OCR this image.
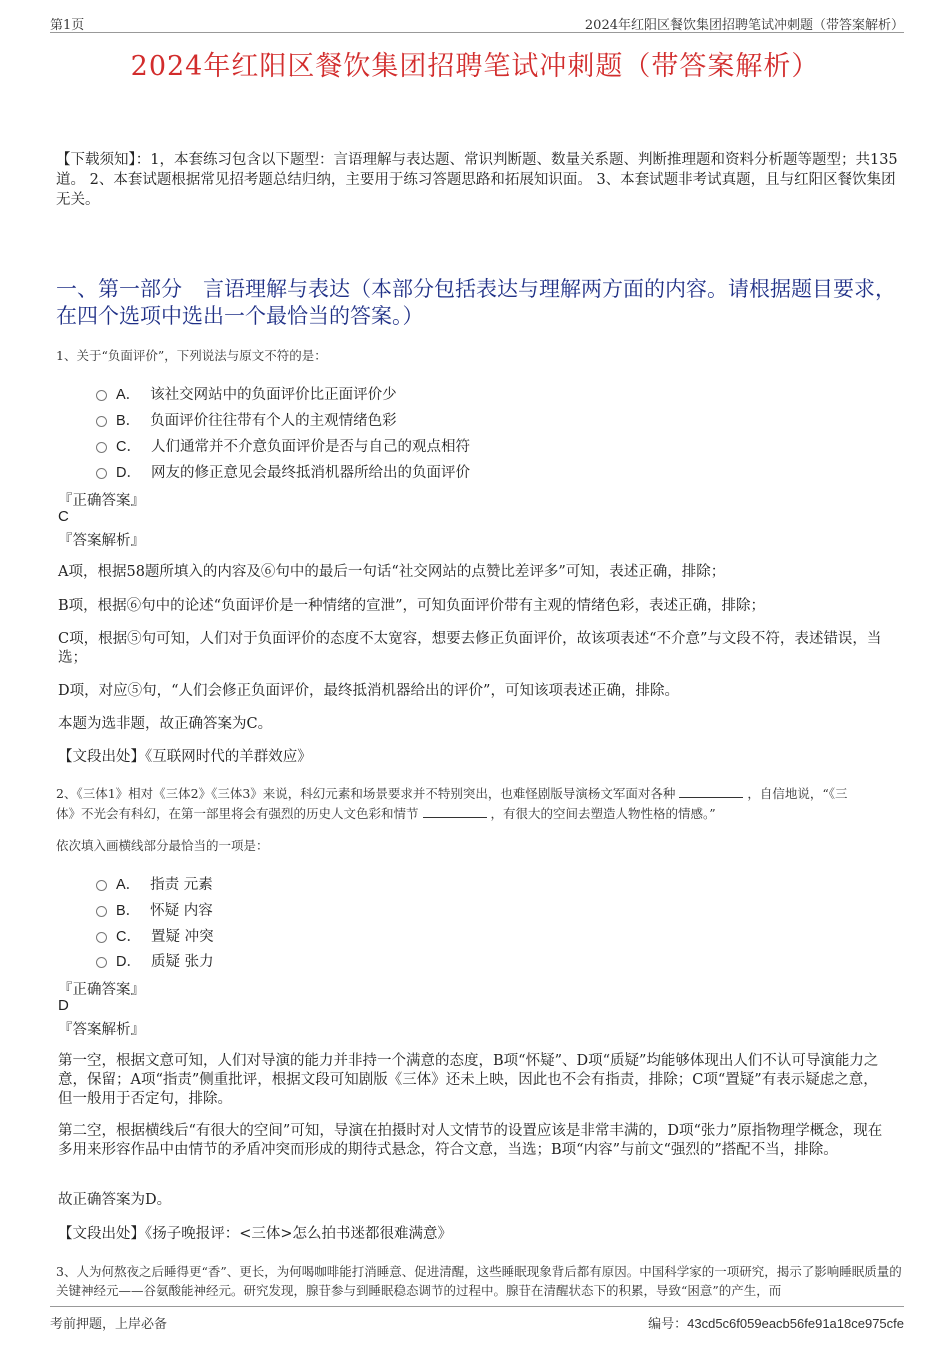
第1页	2024年红阳区餐饮集团招聘笔试冲刺题（带答案解析）
2024年红阳区餐饮集团招聘笔试冲刺题（带答案解析）
【下载须知】：1，本套练习包含以下题型：言语理解与表达题、常识判断题、数量关系题、判断推理题和资料分析题等题型；共135道。 2、本套试题根据常见招考题总结归纳，主要用于练习答题思路和拓展知识面。 3、本套试题非考试真题，且与红阳区餐饮集团无关。
一、第一部分　言语理解与表达（本部分包括表达与理解两方面的内容。请根据题目要求，在四个选项中选出一个最恰当的答案。）
1、关于“负面评价”，下列说法与原文不符的是：
A． 该社交网站中的负面评价比正面评价少
B． 负面评价往往带有个人的主观情绪色彩
C． 人们通常并不介意负面评价是否与自己的观点相符
D． 网友的修正意见会最终抵消机器所给出的负面评价
『正确答案』
C
『答案解析』
A项，根据58题所填入的内容及⑥句中的最后一句话“社交网站的点赞比差评多”可知，表述正确，排除；
B项，根据⑥句中的论述“负面评价是一种情绪的宣泄”，可知负面评价带有主观的情绪色彩，表述正确，排除；
C项，根据⑤句可知，人们对于负面评价的态度不太宽容，想要去修正负面评价，故该项表述“不介意”与文段不符，表述错误，当选；
D项，对应⑤句，“人们会修正负面评价，最终抵消机器给出的评价”，可知该项表述正确，排除。
本题为选非题，故正确答案为C。
【文段出处】《互联网时代的羊群效应》
2、《三体1》相对《三体2》《三体3》来说，科幻元素和场景要求并不特别突出，也难怪剧版导演杨文军面对各种	，自信地说，“《三体》不光会有科幻，在第一部里将会有强烈的历史人文色彩和情节	，有很大的空间去塑造人物性格的情感。”
依次填入画横线部分最恰当的一项是：
A． 指责 元素
B． 怀疑 内容
C． 置疑 冲突
D． 质疑 张力
『正确答案』
D
『答案解析』
第一空，根据文意可知，人们对导演的能力并非持一个满意的态度，B项“怀疑”、D项“质疑”均能够体现出人们不认可导演能力之意，保留；A项“指责”侧重批评，根据文段可知剧版《三体》还未上映，因此也不会有指责，排除；C项“置疑”有表示疑虑之意，但一般用于否定句，排除。
第二空，根据横线后“有很大的空间”可知，导演在拍摄时对人文情节的设置应该是非常丰满的，D项“张力”原指物理学概念，现在多用来形容作品中由情节的矛盾冲突而形成的期待式悬念，符合文意，当选；B项“内容”与前文“强烈的”搭配不当，排除。
故正确答案为D。
【文段出处】《扬子晚报评：<三体>怎么拍书迷都很难满意》
3、人为何熬夜之后睡得更“香”、更长，为何喝咖啡能打消睡意、促进清醒，这些睡眠现象背后都有原因。中国科学家的一项研究，揭示了影响睡眠质量的关键神经元——谷氨酸能神经元。研究发现，腺苷参与到睡眠稳态调节的过程中。腺苷在清醒状态下的积累，导致“困意”的产生，而
考前押题，上岸必备	编号：43cd5c6f059eacb56fe91a18ce975cfe
